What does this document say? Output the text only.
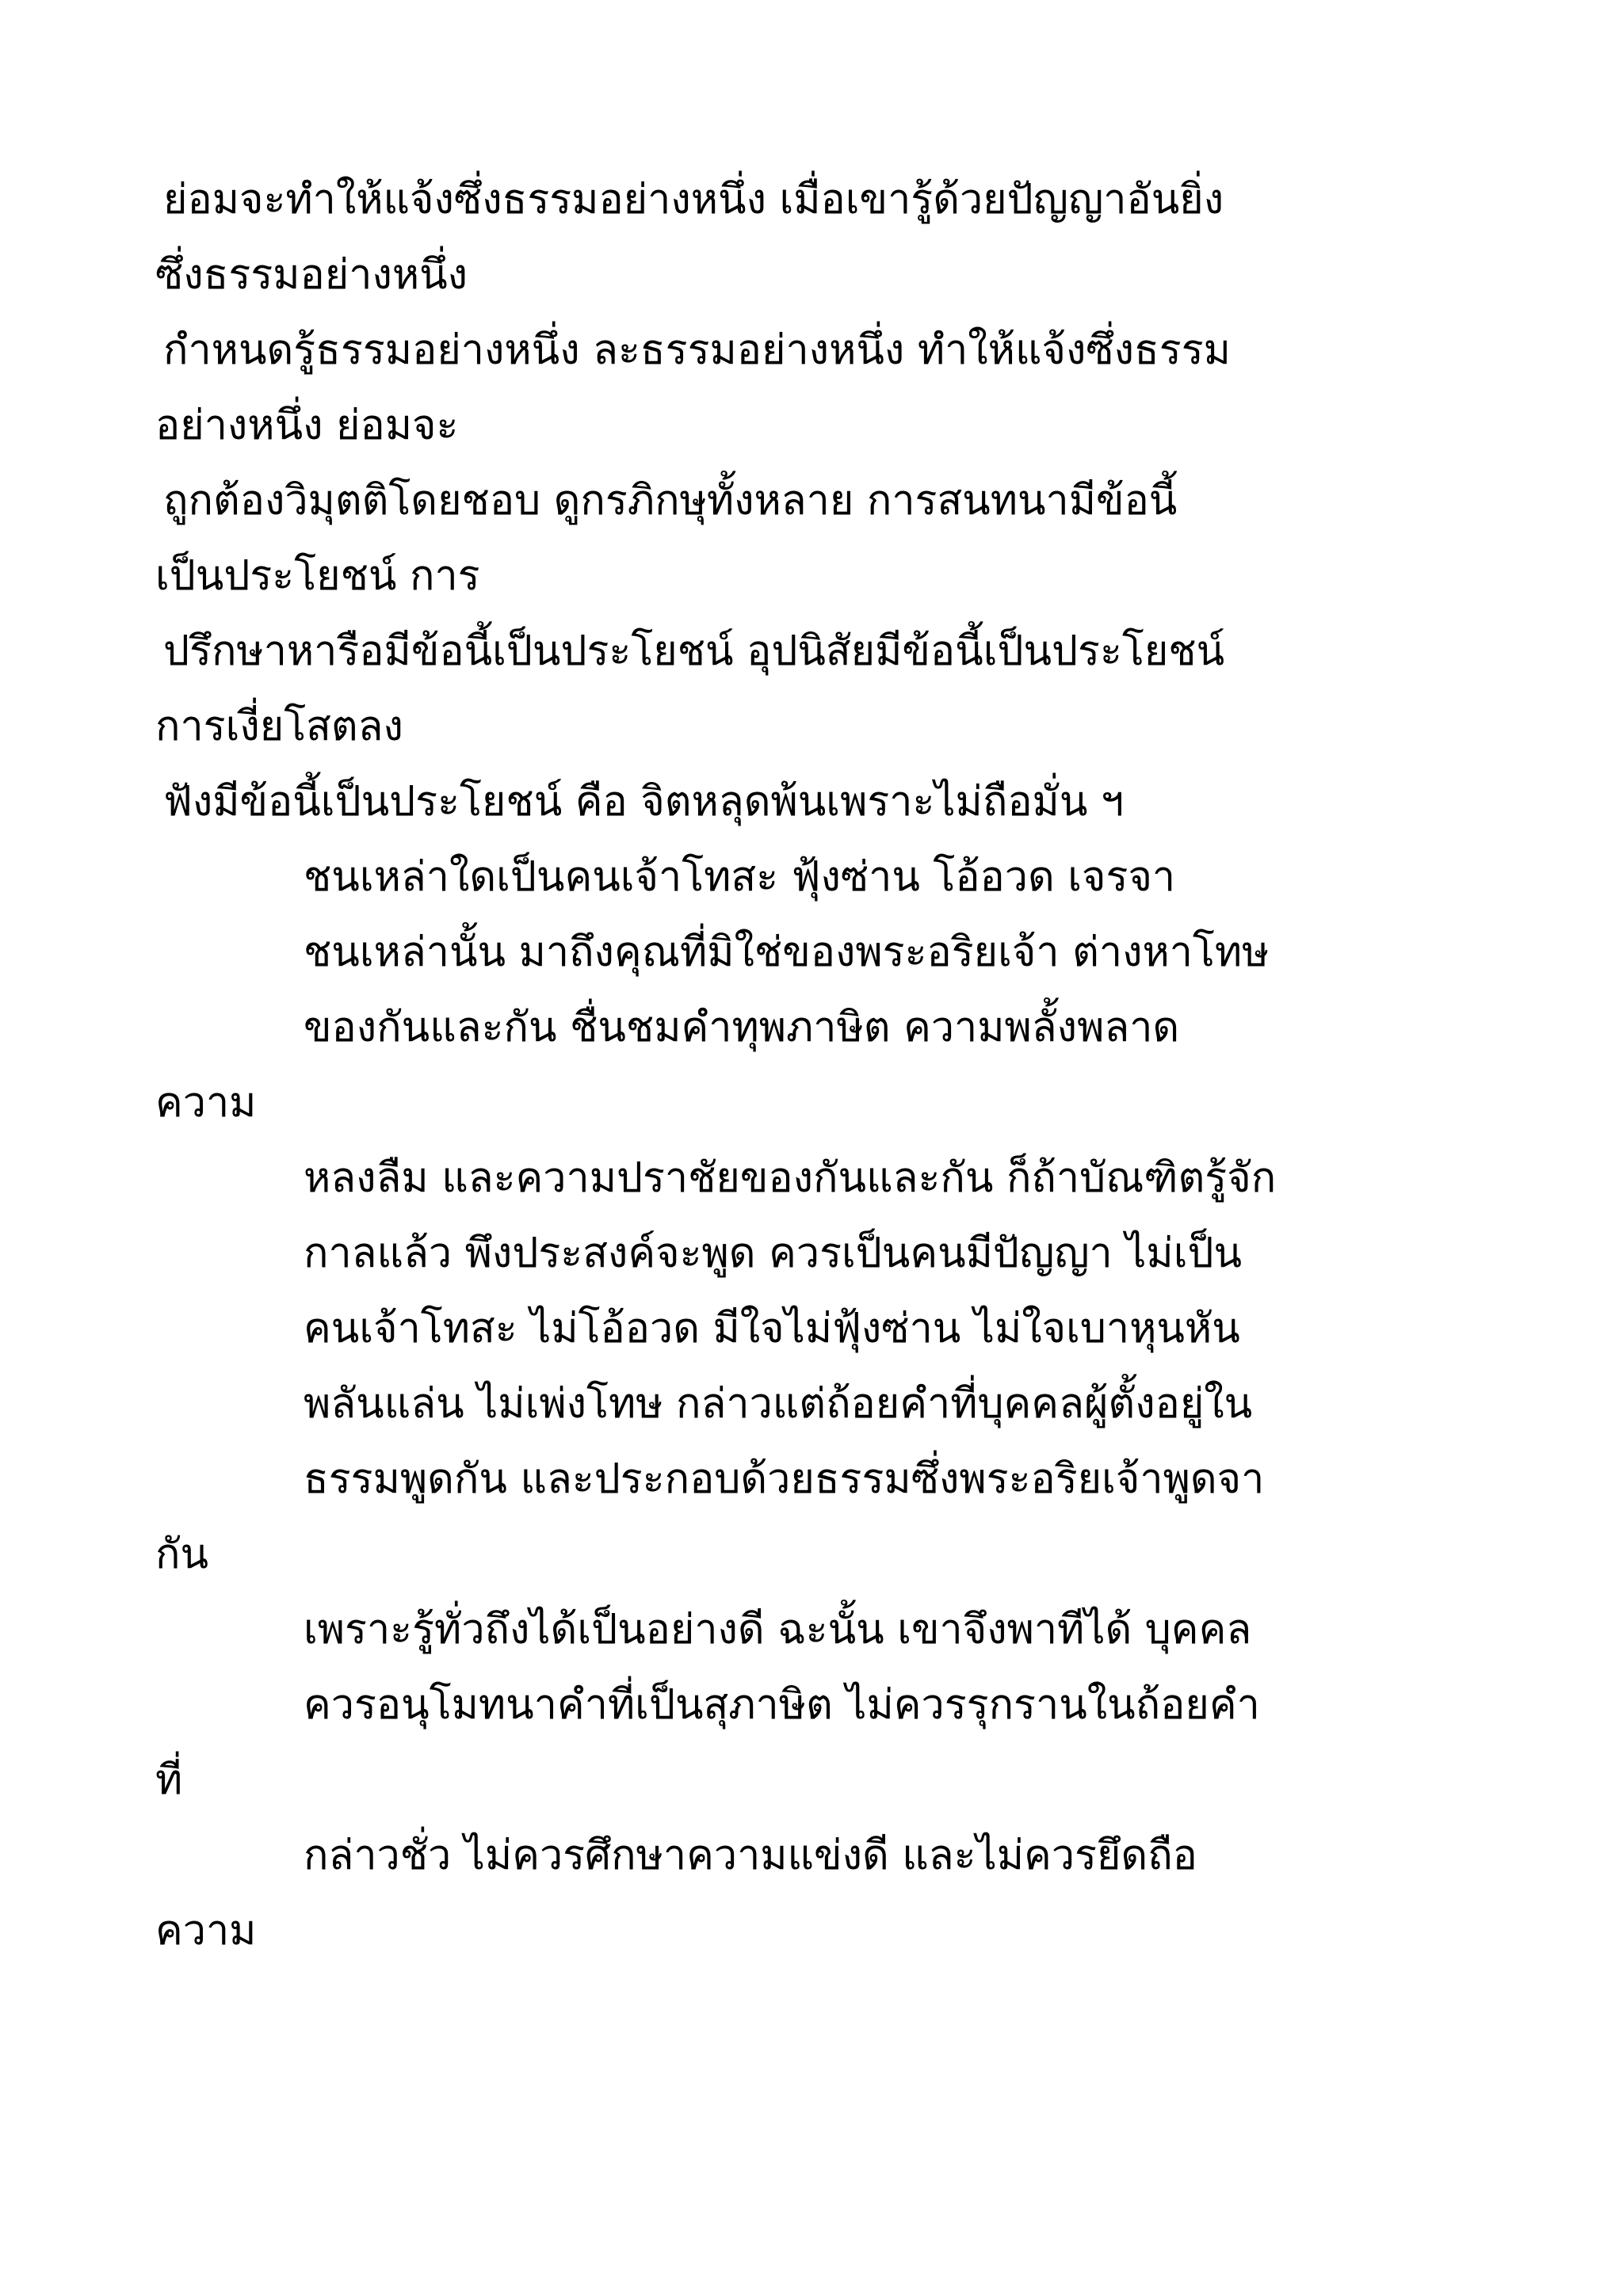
ย่อมจะทำให้แจ้งซึ่งธรรมอย่างหนึ่ง เมื่อเขารู้ด้วยปัญญาอันยิ่ง
ซึ่งธรรมอย่างหนึ่ง
กำหนดรู้ธรรมอย่างหนึ่ง ละธรรมอย่างหนึ่ง ทำให้แจ้งซึ่งธรรม
อย่างหนึ่ง ย่อมจะ
ถูกต้องวิมุตติโดยชอบ ดูกรภิกษุทั้งหลาย การสนทนามีข้อนี้
เป็นประโยชน์ การ
ปรึกษาหารือมีข้อนี้เป็นประโยชน์ อุปนิสัยมีข้อนี้เป็นประโยชน์
การเงี่ยโสตลง
ฟังมีข้อนี้เป็นประโยชน์ คือ จิตหลุดพ้นเพราะไม่ถือมั่น ฯ
ชนเหล่าใดเป็นคนเจ้าโทสะ ฟุ้งซ่าน โอ้อวด เจรจา
ชนเหล่านั้น มาถึงคุณที่มิใช่ของพระอริยเจ้า ต่างหาโทษ
ของกันและกัน ชื่นชมคำทุพภาษิต ความพลั้งพลาด
ความ
หลงลืม และความปราชัยของกันและกัน ก็ถ้าบัณฑิตรู้จัก
กาลแล้ว พึงประสงค์จะพูด ควรเป็นคนมีปัญญา ไม่เป็น
คนเจ้าโทสะ ไม่โอ้อวด มีใจไม่ฟุ้งซ่าน ไม่ใจเบาหุนหัน
พลันแล่น ไม่เพ่งโทษ กล่าวแต่ถ้อยคำที่บุคคลผู้ตั้งอยู่ใน
ธรรมพูดกัน และประกอบด้วยธรรมซึ่งพระอริยเจ้าพูดจา
กัน
เพราะรู้ทั่วถึงได้เป็นอย่างดี ฉะนั้น เขาจึงพาทีได้ บุคคล
ควรอนุโมทนาคำที่เป็นสุภาษิต ไม่ควรรุกรานในถ้อยคำ
ที่
กล่าวชั่ว ไม่ควรศึกษาความแข่งดี และไม่ควรยึดถือ
ความ
